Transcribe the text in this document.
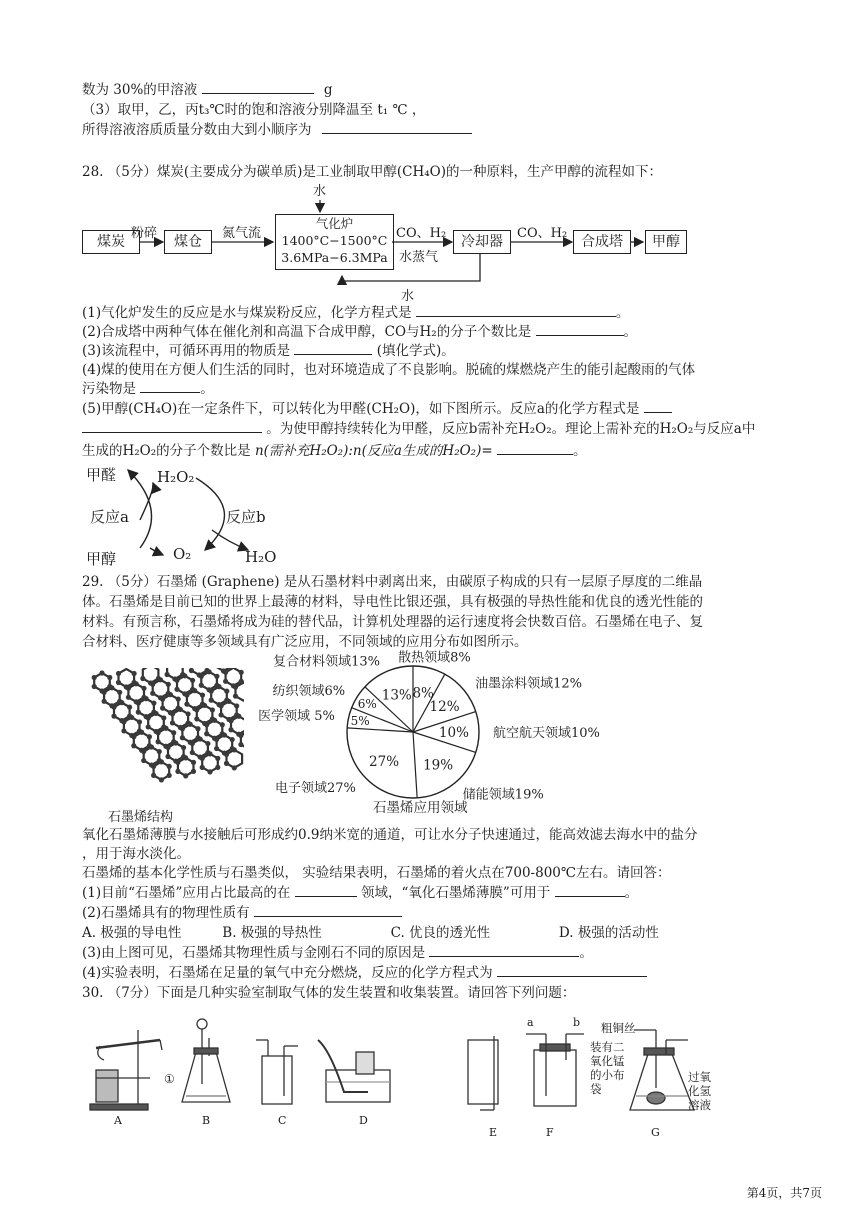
数为 30%的甲溶液	g
（3）取甲，乙，丙t₃℃时的饱和溶液分别降温至 t₁ ℃ ，
所得溶液溶质质量分数由大到小顺序为
28. （5分）煤炭(主要成分为碳单质)是工业制取甲醇(CH₄O)的一种原料，生产甲醇的流程如下：
水
煤炭
粉碎
煤仓
氮气流
气化炉
1400°C−1500°C
3.6MPa−6.3MPa
CO、H₂
水蒸气
冷却器
CO、H₂
合成塔	甲醇
水
(1)气化炉发生的反应是水与煤炭粉反应，化学方程式是	。
(2)合成塔中两种气体在催化剂和高温下合成甲醇，CO与H₂的分子个数比是	。
(3)该流程中，可循环再用的物质是	(填化学式)。
(4)煤的使用在方便人们生活的同时，也对环境造成了不良影响。脱硫的煤燃烧产生的能引起酸雨的气体
污染物是	。
(5)甲醇(CH₄O)在一定条件下，可以转化为甲醛(CH₂O)，如下图所示。反应a的化学方程式是
。为使甲醇持续转化为甲醛，反应b需补充H₂O₂。理论上需补充的H₂O₂与反应a中
生成的H₂O₂的分子个数比是 n(需补充H₂O₂):n(反应a生成的H₂O₂)=	。
甲醛	H₂O₂
反应a	反应b
甲醇	O₂	H₂O
29. （5分）石墨烯 (Graphene) 是从石墨材料中剥离出来，由碳原子构成的只有一层原子厚度的二维晶
体。石墨烯是目前已知的世界上最薄的材料，导电性比银还强，具有极强的导热性能和优良的透光性能的
材料。有预言称，石墨烯将成为硅的替代品，计算机处理器的运行速度将会快数百倍。石墨烯在电子、复
合材料、医疗健康等多领域具有广泛应用，不同领域的应用分布如图所示。
石墨烯结构
8%
散热领域8%
12%
油墨涂料领域12%
10% 航空航天领域10%
19%
储能领域19%
27%
电子领域27%
5%
医学领域 5%
6%
纺织领域6%	13%
复合材料领域13%
石墨烯应用领域
氧化石墨烯薄膜与水接触后可形成约0.9纳米宽的通道，可让水分子快速通过，能高效滤去海水中的盐分
，用于海水淡化。
石墨烯的基本化学性质与石墨类似， 实验结果表明，石墨烯的着火点在700-800℃左右。请回答：
(1)目前“石墨烯”应用占比最高的在	领域，“氧化石墨烯薄膜”可用于	。
(2)石墨烯具有的物理性质有
A. 极强的导电性	B. 极强的导热性	C. 优良的透光性	D. 极强的活动性
(3)由上图可见，石墨烯其物理性质与金刚石不同的原因是	。
(4)实验表明，石墨烯在足量的氧气中充分燃烧，反应的化学方程式为
30. （7分）下面是几种实验室制取气体的发生装置和收集装置。请回答下列问题：
①
a	b 粗铜丝
装有二
氧化锰
的小布
袋
过氧
化氢
溶液
A	B	C	D
E	F	G
第4页，共7页
